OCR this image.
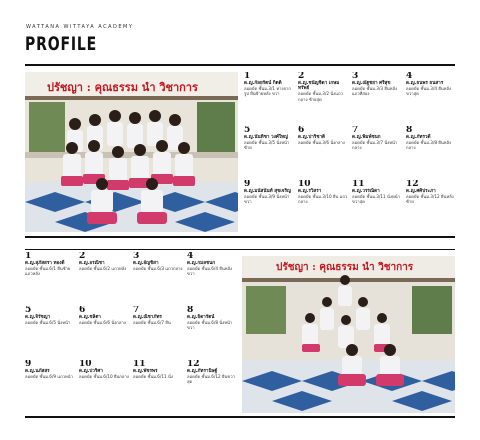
WATTANA WITTAYA ACADEMY
PROFILE
ปรัชญา : คุณธรรม นำ วิชาการ
1
ด.ญ.กัลยรัตน์ กิตติ
ลอดบัด ชั้นม.3/1 ทางจากรูป ยืนซ้ายหลัง ขวา
2
ด.ญ.ชนัญชิดา เกษมทรัพย์
ลอดบัด ชั้นม.3/2 นั่งแถวกลาง ซ้ายสุด
3
ด.ญ.ณัฐชยา ศรีสุข
ลอดบัด ชั้นม.3/3 ยืนหลัง แถวที่สอง
4
ด.ญ.ธนพร ธนสาร
ลอดบัด ชั้นม.3/4 ยืนหลัง ขวาสุด
5
ด.ญ.นันทิชา วงศ์ใหญ่
ลอดบัด ชั้นม.3/5 นั่งหน้า ซ้าย
6
ด.ญ.ปาริชาติ
ลอดบัด ชั้นม.3/6 นั่งกลาง
7
ด.ญ.พิมพ์ชนก
ลอดบัด ชั้นม.3/7 นั่งหน้า กลาง
8
ด.ญ.ภัทรวดี
ลอดบัด ชั้นม.3/8 ยืนหลัง กลาง
9
ด.ญ.มนัสนันท์ สุขเจริญ
ลอดบัด ชั้นม.3/9 นั่งหน้า ขวา
10
ด.ญ.รวิสรา
ลอดบัด ชั้นม.3/10 ยืน แถวกลาง
11
ด.ญ.วรรณิดา
ลอดบัด ชั้นม.3/11 นั่งหน้า ขวาสุด
12
ด.ญ.ศศิประภา
ลอดบัด ชั้นม.3/12 ยืนหลัง ซ้าย
1
ด.ญ.สุภัสสรา ทองดี
ลอดบัด ชั้นม.6/1 ยืนซ้าย แถวหลัง
2
ด.ญ.อรณิชา
ลอดบัด ชั้นม.6/2 แถวหลัง
3
ด.ญ.อัญชิสา
ลอดบัด ชั้นม.6/3 แถวกลาง
4
ด.ญ.กมลชนก
ลอดบัด ชั้นม.6/4 ยืนหลัง ขวา
5
ด.ญ.จิรัชญา
ลอดบัด ชั้นม.6/5 นั่งหน้า
6
ด.ญ.ชลิตา
ลอดบัด ชั้นม.6/6 นั่งกลาง
7
ด.ญ.ณิชาภัทร
ลอดบัด ชั้นม.6/7 ยืน
8
ด.ญ.ธิดารัตน์
ลอดบัด ชั้นม.6/8 นั่งหน้า ขวา
9
ด.ญ.นภัสสร
ลอดบัด ชั้นม.6/9 แถวหน้า
10
ด.ญ.ปวริศา
ลอดบัด ชั้นม.6/10 ยืนกลาง
11
ด.ญ.พัชรพร
ลอดบัด ชั้นม.6/11 นั่ง
12
ด.ญ.ภัทรานิษฐ์
ลอดบัด ชั้นม.6/12 ยืนขวาสุด
ปรัชญา : คุณธรรม นำ วิชาการ
